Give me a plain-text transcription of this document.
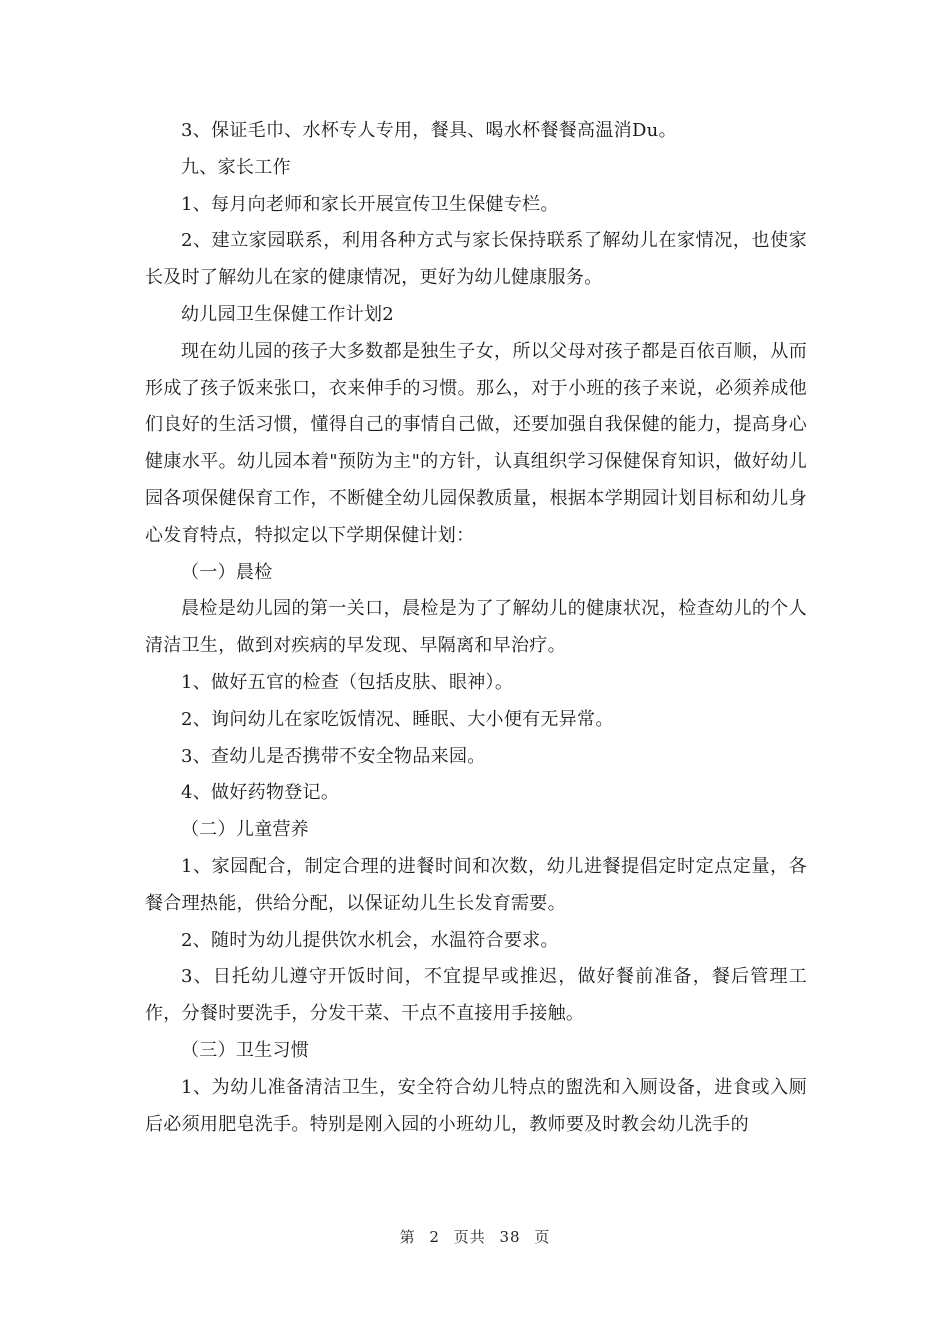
3、保证毛巾、水杯专人专用，餐具、喝水杯餐餐高温消Du。

九、家长工作

1、每月向老师和家长开展宣传卫生保健专栏。

2、建立家园联系，利用各种方式与家长保持联系了解幼儿在家情况，也使家长及时了解幼儿在家的健康情况，更好为幼儿健康服务。

幼儿园卫生保健工作计划2

现在幼儿园的孩子大多数都是独生子女，所以父母对孩子都是百依百顺，从而形成了孩子饭来张口，衣来伸手的习惯。那么，对于小班的孩子来说，必须养成他们良好的生活习惯，懂得自己的事情自己做，还要加强自我保健的能力，提高身心健康水平。幼儿园本着"预防为主"的方针，认真组织学习保健保育知识，做好幼儿园各项保健保育工作，不断健全幼儿园保教质量，根据本学期园计划目标和幼儿身心发育特点，特拟定以下学期保健计划：

（一）晨检

晨检是幼儿园的第一关口，晨检是为了了解幼儿的健康状况，检查幼儿的个人清洁卫生，做到对疾病的早发现、早隔离和早治疗。

1、做好五官的检查（包括皮肤、眼神）。

2、询问幼儿在家吃饭情况、睡眠、大小便有无异常。

3、查幼儿是否携带不安全物品来园。

4、做好药物登记。

（二）儿童营养

1、家园配合，制定合理的进餐时间和次数，幼儿进餐提倡定时定点定量，各餐合理热能，供给分配，以保证幼儿生长发育需要。

2、随时为幼儿提供饮水机会，水温符合要求。

3、日托幼儿遵守开饭时间，不宜提早或推迟，做好餐前准备，餐后管理工作，分餐时要洗手，分发干菜、干点不直接用手接触。

（三）卫生习惯

1、为幼儿准备清洁卫生，安全符合幼儿特点的盥洗和入厕设备，进食或入厕后必须用肥皂洗手。特别是刚入园的小班幼儿，教师要及时教会幼儿洗手的

第 2 页共 38 页
